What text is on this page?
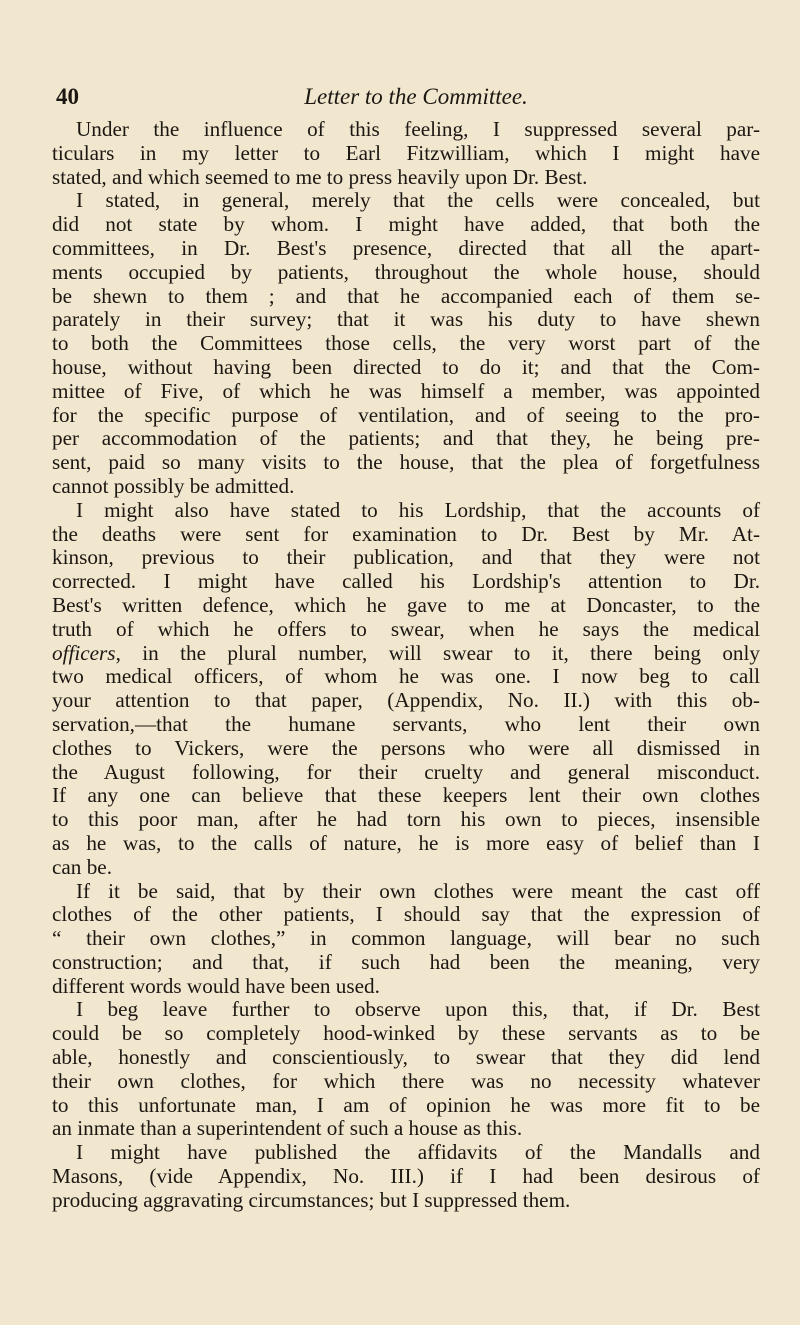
40	Letter to the Committee.
Under the influence of this feeling, I suppressed several par-
ticulars in my letter to Earl Fitzwilliam, which I might have
stated, and which seemed to me to press heavily upon Dr. Best.
I stated, in general, merely that the cells were concealed, but
did not state by whom. I might have added, that both the
committees, in Dr. Best's presence, directed that all the apart-
ments occupied by patients, throughout the whole house, should
be shewn to them ; and that he accompanied each of them se-
parately in their survey; that it was his duty to have shewn
to both the Committees those cells, the very worst part of the
house, without having been directed to do it; and that the Com-
mittee of Five, of which he was himself a member, was appointed
for the specific purpose of ventilation, and of seeing to the pro-
per accommodation of the patients; and that they, he being pre-
sent, paid so many visits to the house, that the plea of forgetfulness
cannot possibly be admitted.
I might also have stated to his Lordship, that the accounts of
the deaths were sent for examination to Dr. Best by Mr. At-
kinson, previous to their publication, and that they were not
corrected. I might have called his Lordship's attention to Dr.
Best's written defence, which he gave to me at Doncaster, to the
truth of which he offers to swear, when he says the medical
officers, in the plural number, will swear to it, there being only
two medical officers, of whom he was one. I now beg to call
your attention to that paper, (Appendix, No. II.) with this ob-
servation,—that the humane servants, who lent their own
clothes to Vickers, were the persons who were all dismissed in
the August following, for their cruelty and general misconduct.
If any one can believe that these keepers lent their own clothes
to this poor man, after he had torn his own to pieces, insensible
as he was, to the calls of nature, he is more easy of belief than I
can be.
If it be said, that by their own clothes were meant the cast off
clothes of the other patients, I should say that the expression of
“ their own clothes,” in common language, will bear no such
construction; and that, if such had been the meaning, very
different words would have been used.
I beg leave further to observe upon this, that, if Dr. Best
could be so completely hood-winked by these servants as to be
able, honestly and conscientiously, to swear that they did lend
their own clothes, for which there was no necessity whatever
to this unfortunate man, I am of opinion he was more fit to be
an inmate than a superintendent of such a house as this.
I might have published the affidavits of the Mandalls and
Masons, (vide Appendix, No. III.) if I had been desirous of
producing aggravating circumstances; but I suppressed them.
